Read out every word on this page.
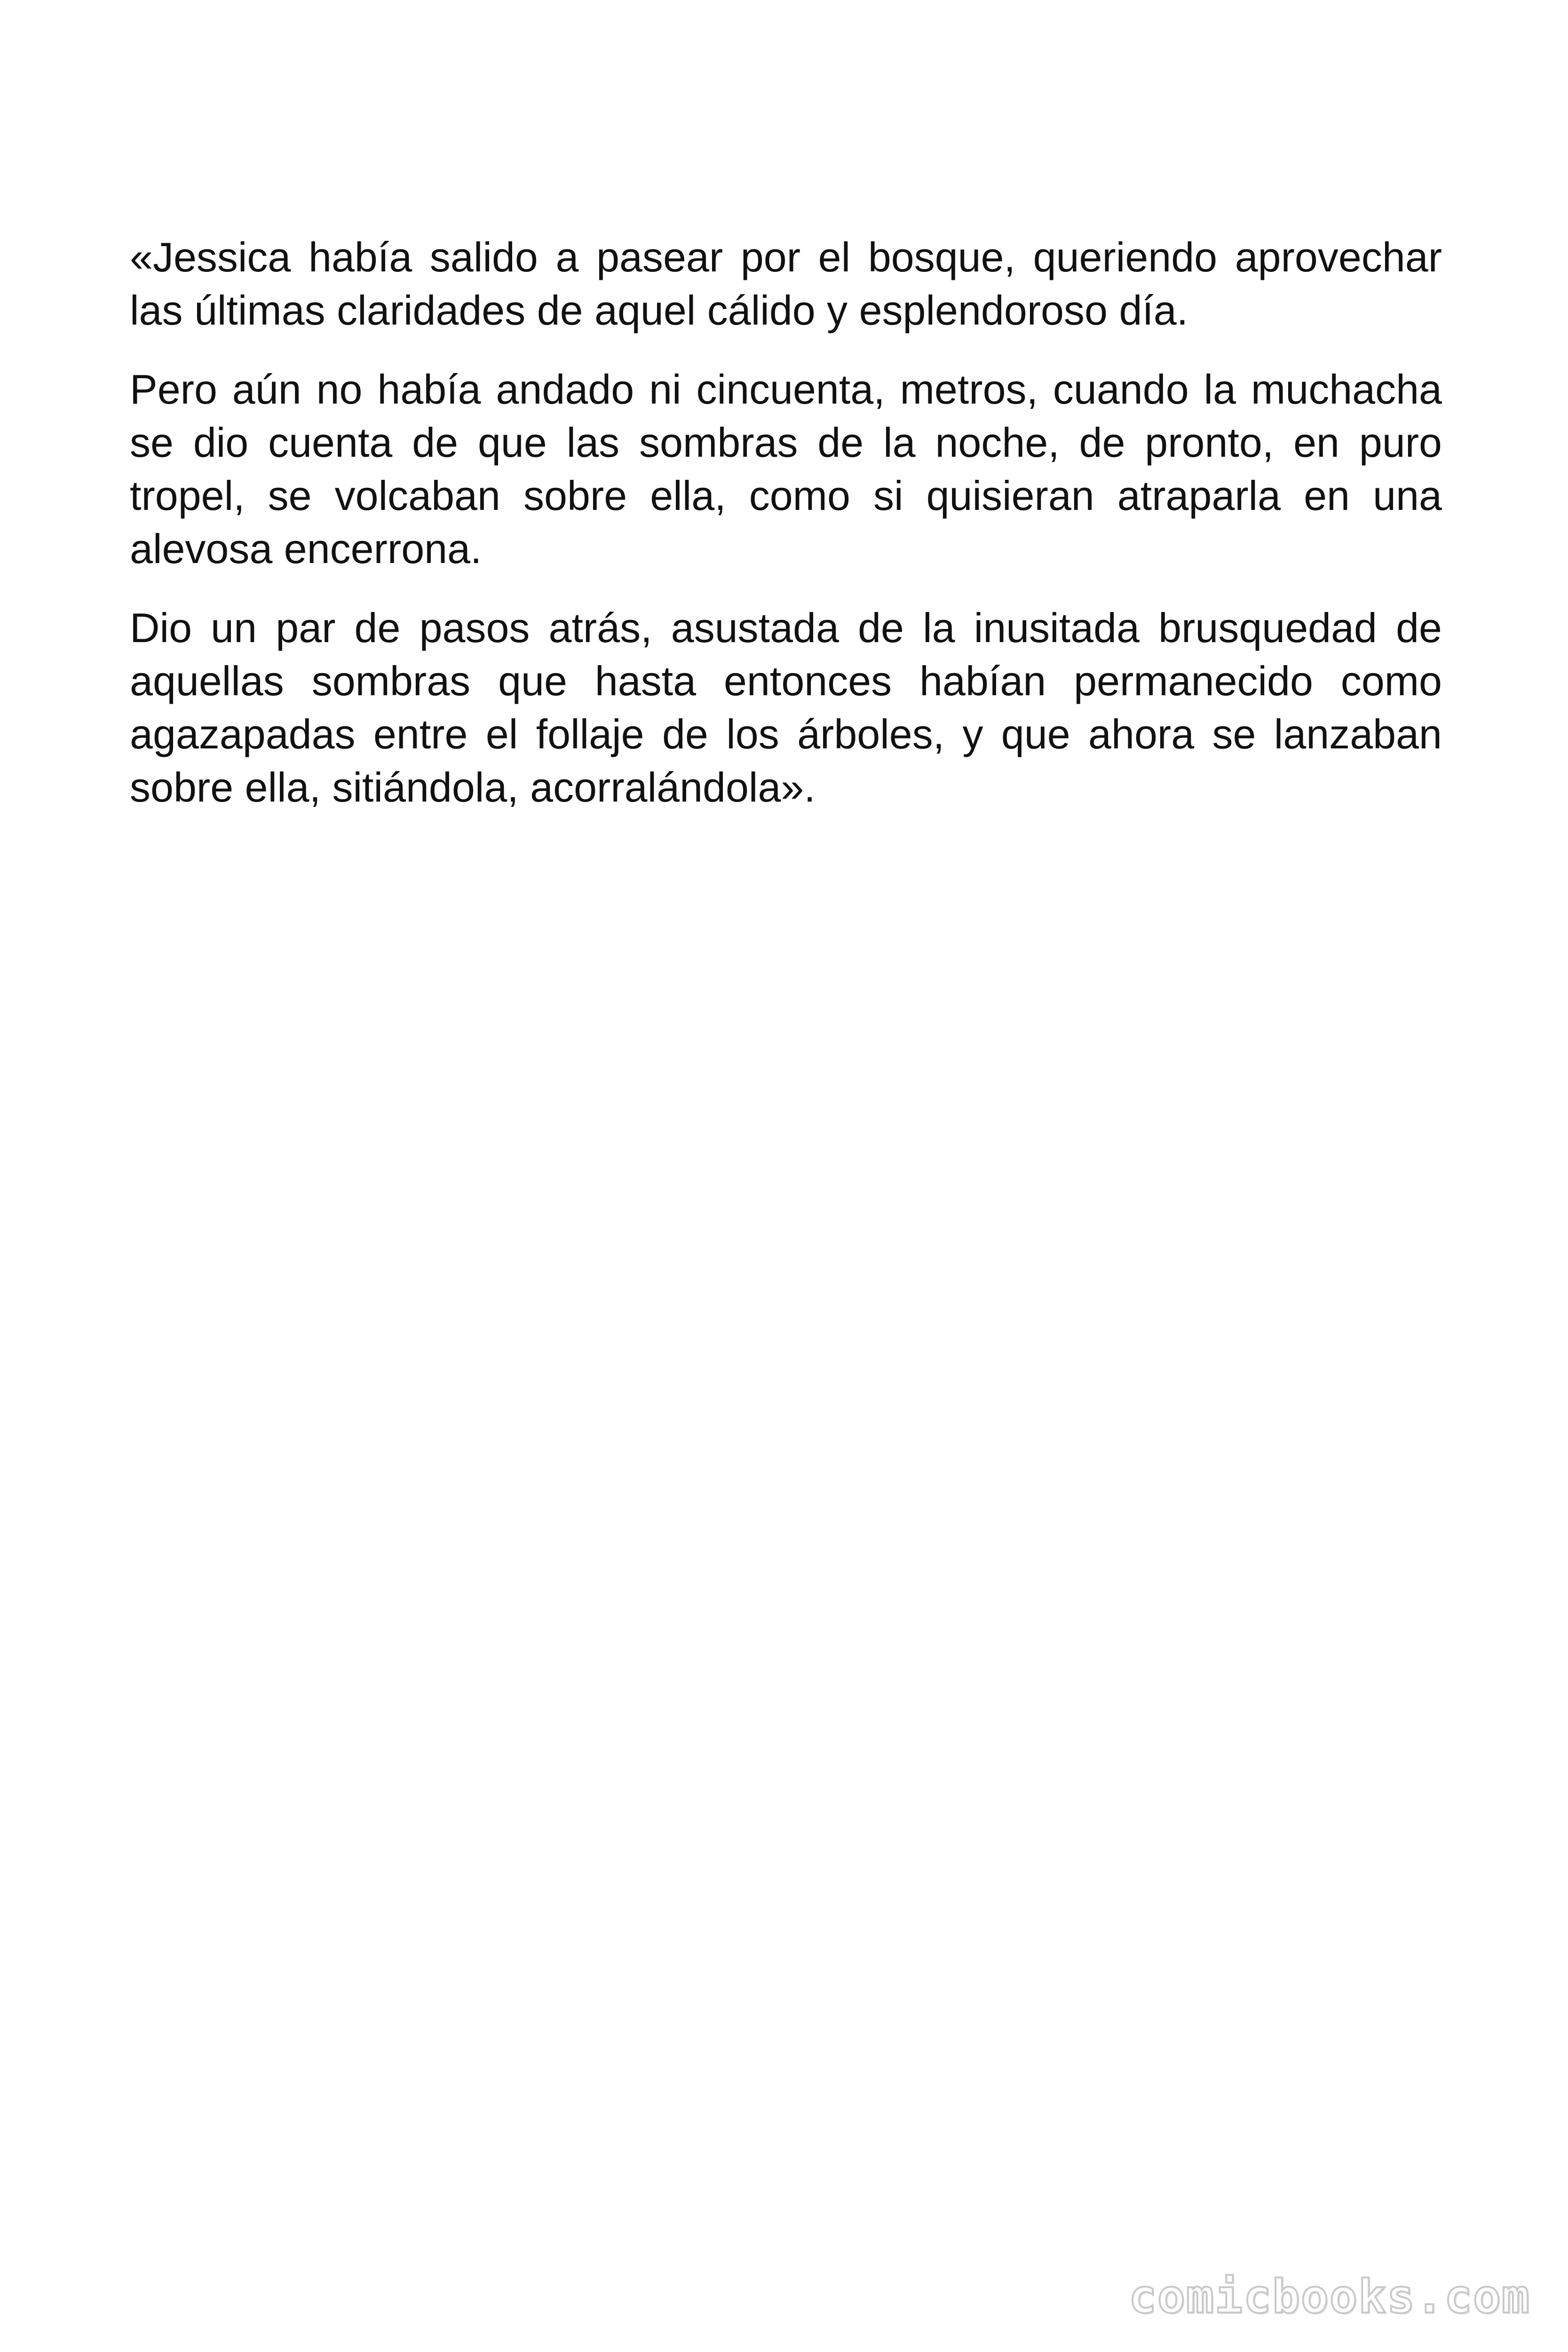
«Jessica había salido a pasear por el bosque, queriendo aprovechar las últimas claridades de aquel cálido y esplendoroso día.

Pero aún no había andado ni cincuenta, metros, cuando la muchacha se dio cuenta de que las sombras de la noche, de pronto, en puro tropel, se volcaban sobre ella, como si quisieran atraparla en una alevosa encerrona.

Dio un par de pasos atrás, asustada de la inusitada brusquedad de aquellas sombras que hasta entonces habían permanecido como agazapadas entre el follaje de los árboles, y que ahora se lanzaban sobre ella, sitiándola, acorralándola».

comicbooks.com
